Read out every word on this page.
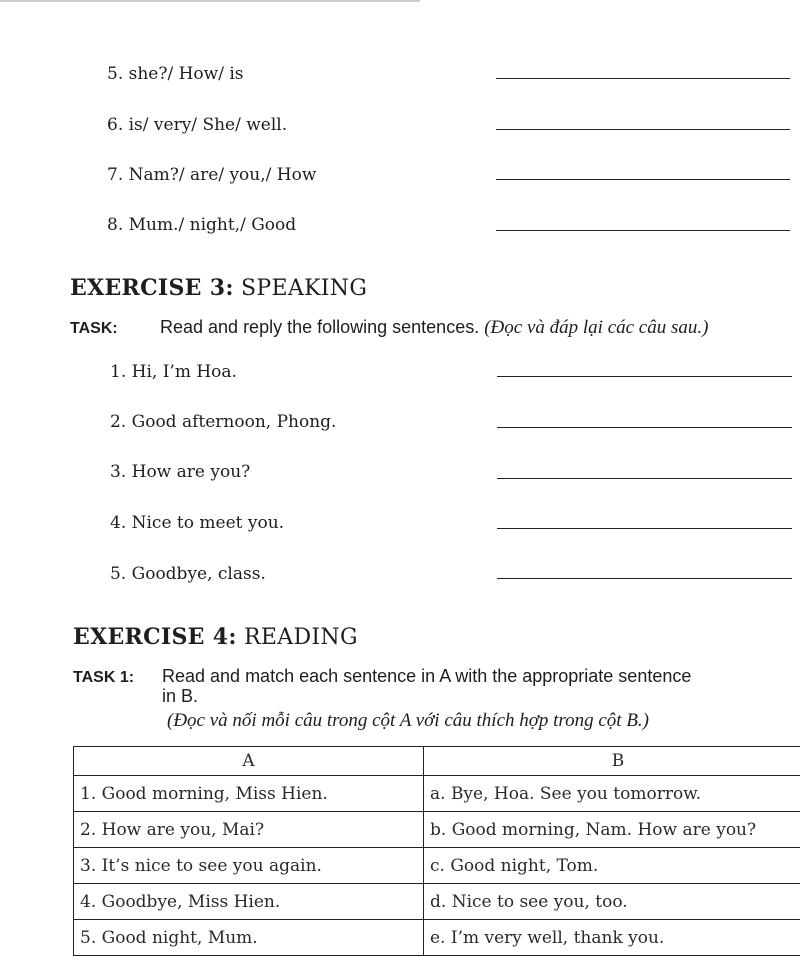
5. she?/ How/ is
6. is/ very/ She/ well.
7. Nam?/ are/ you,/ How
8. Mum./ night,/ Good
EXERCISE 3: SPEAKING
TASK: Read and reply the following sentences. (Đọc và đáp lại các câu sau.)
1. Hi, I’m Hoa.
2. Good afternoon, Phong.
3. How are you?
4. Nice to meet you.
5. Goodbye, class.
EXERCISE 4: READING
TASK 1: Read and match each sentence in A with the appropriate sentence
in B.
(Đọc và nối mỗi câu trong cột A với câu thích hợp trong cột B.)
A	B
1. Good morning, Miss Hien.	a. Bye, Hoa. See you tomorrow.
2. How are you, Mai?	b. Good morning, Nam. How are you?
3. It’s nice to see you again.	c. Good night, Tom.
4. Goodbye, Miss Hien.	d. Nice to see you, too.
5. Good night, Mum.	e. I’m very well, thank you.
